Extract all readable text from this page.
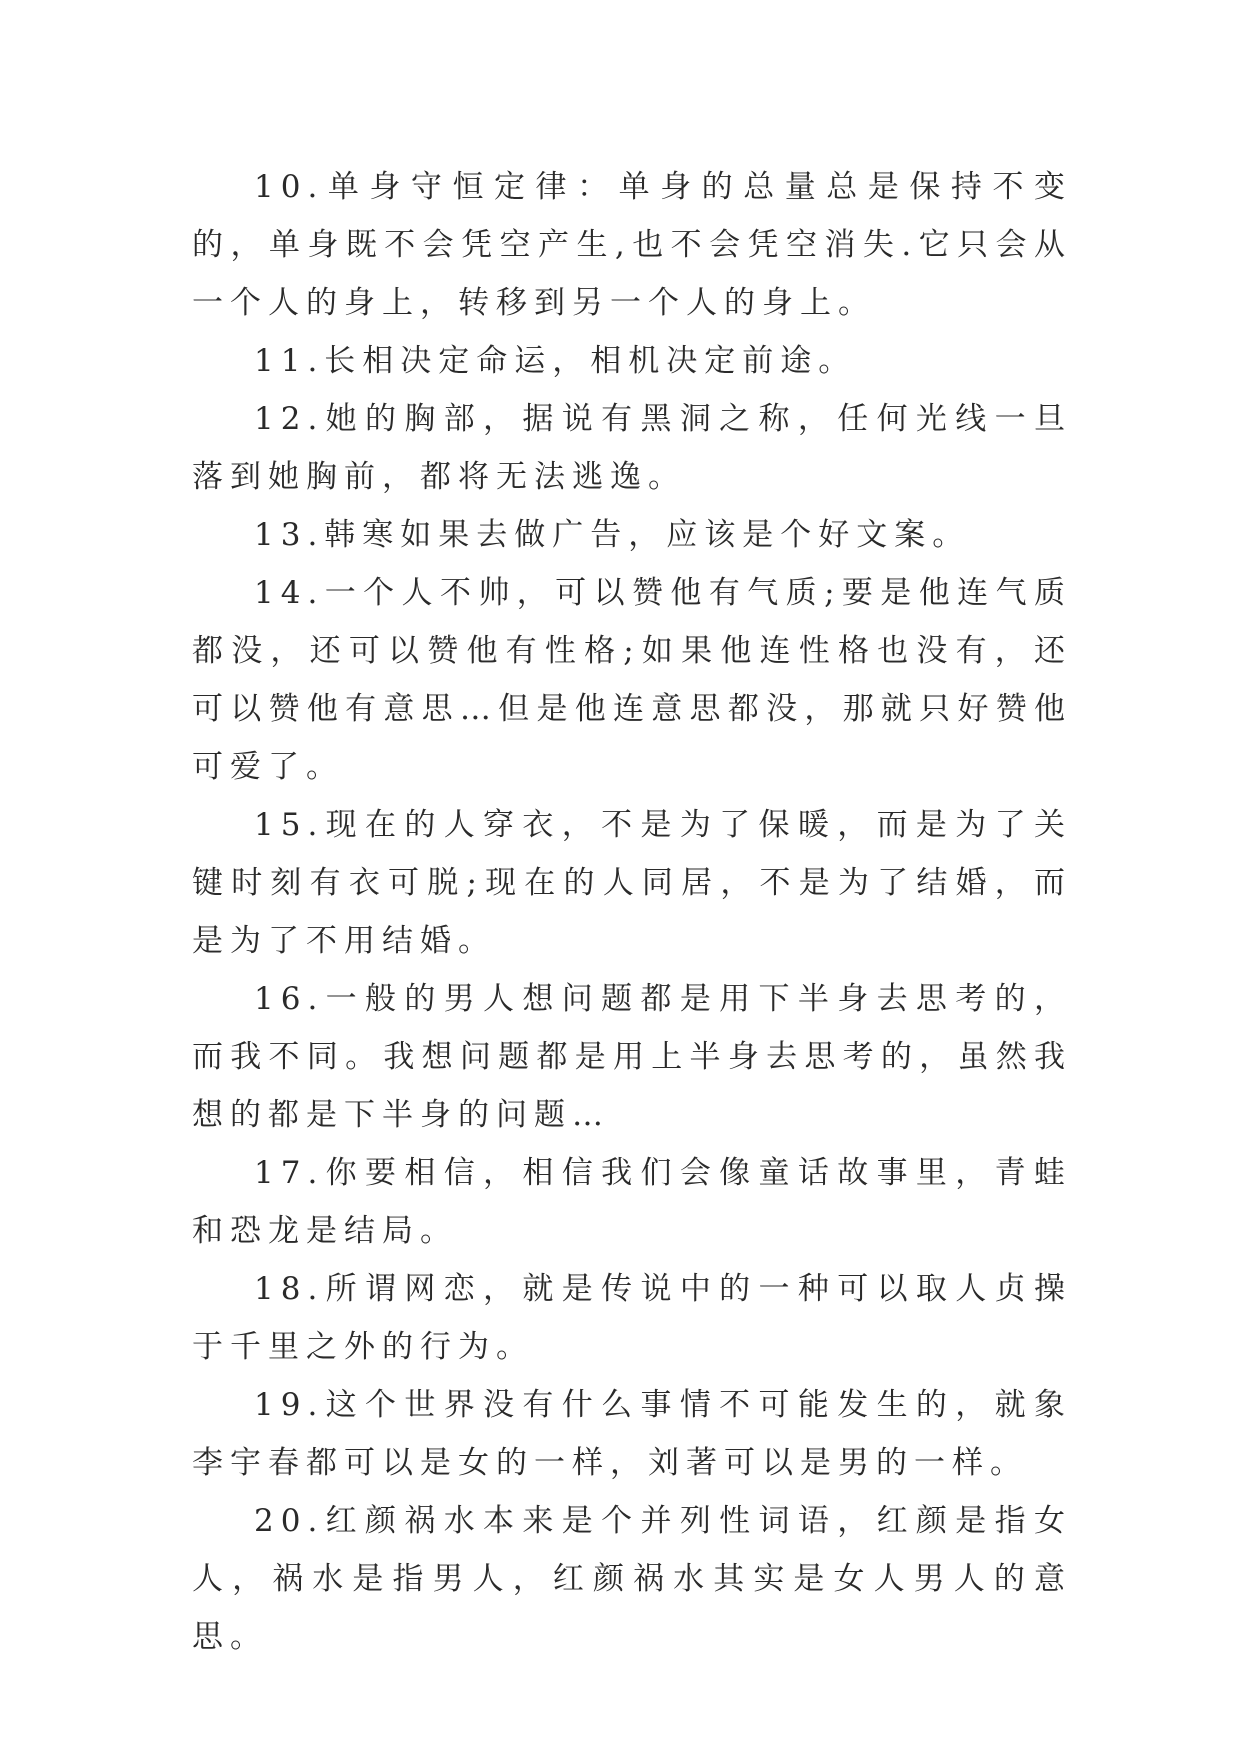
10.单身守恒定律：单身的总量总是保持不变的，单身既不会凭空产生,也不会凭空消失.它只会从一个人的身上，转移到另一个人的身上。

11.长相决定命运，相机决定前途。

12.她的胸部，据说有黑洞之称，任何光线一旦落到她胸前，都将无法逃逸。

13.韩寒如果去做广告，应该是个好文案。

14.一个人不帅，可以赞他有气质;要是他连气质都没，还可以赞他有性格;如果他连性格也没有，还可以赞他有意思…但是他连意思都没，那就只好赞他可爱了。

15.现在的人穿衣，不是为了保暖，而是为了关键时刻有衣可脱;现在的人同居，不是为了结婚，而是为了不用结婚。

16.一般的男人想问题都是用下半身去思考的，而我不同。我想问题都是用上半身去思考的，虽然我想的都是下半身的问题…

17.你要相信，相信我们会像童话故事里，青蛙和恐龙是结局。

18.所谓网恋，就是传说中的一种可以取人贞操于千里之外的行为。

19.这个世界没有什么事情不可能发生的，就象李宇春都可以是女的一样，刘著可以是男的一样。

20.红颜祸水本来是个并列性词语，红颜是指女人，祸水是指男人，红颜祸水其实是女人男人的意思。
